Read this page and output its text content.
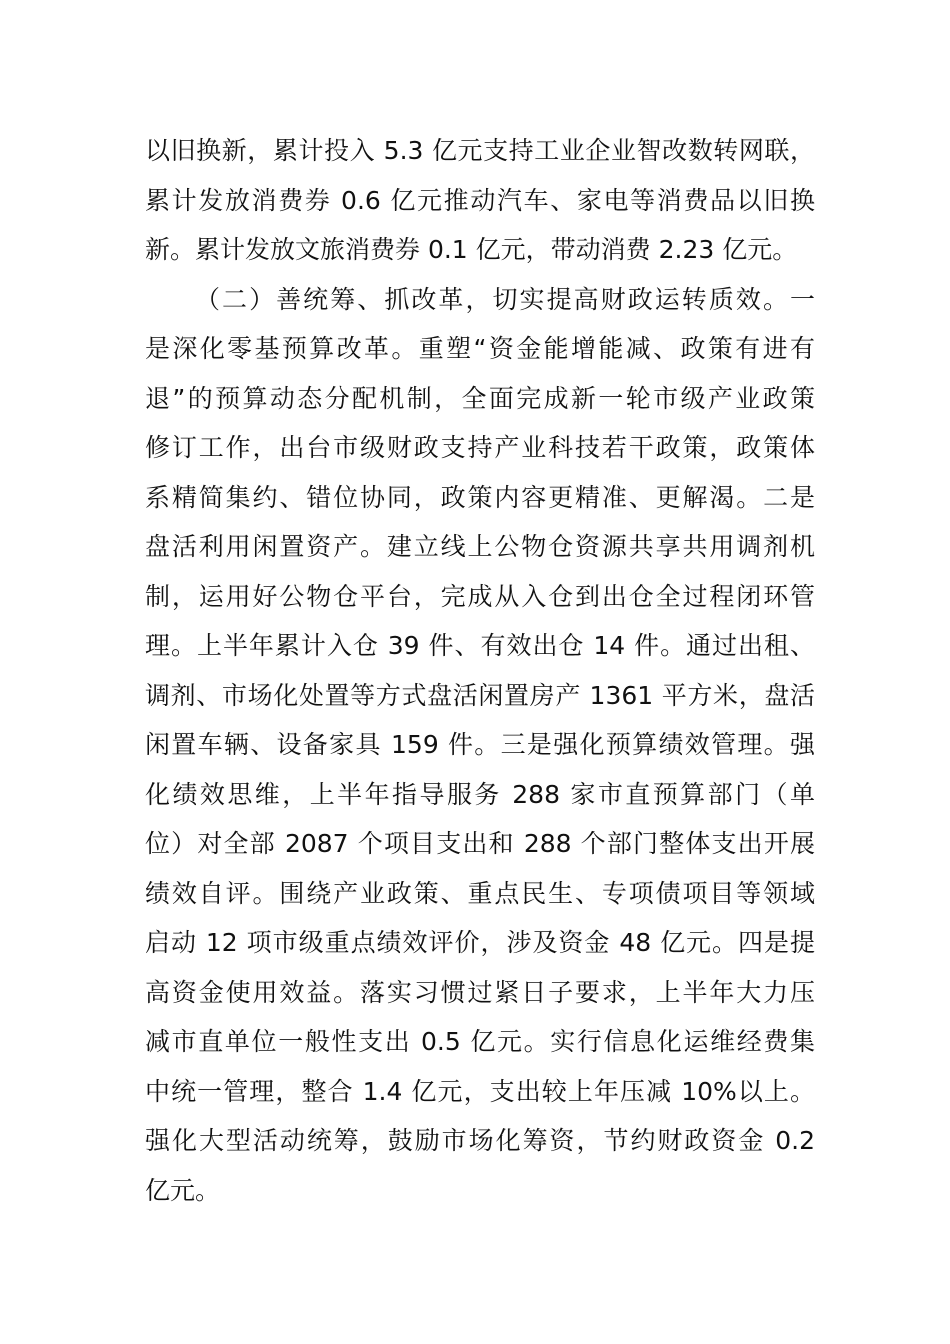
以旧换新，累计投入 5.3 亿元支持工业企业智改数转网联，
累计发放消费券 0.6 亿元推动汽车、家电等消费品以旧换
新。累计发放文旅消费券 0.1 亿元，带动消费 2.23 亿元。
（二）善统筹、抓改革，切实提高财政运转质效。一
是深化零基预算改革。重塑“资金能增能减、政策有进有
退”的预算动态分配机制，全面完成新一轮市级产业政策
修订工作，出台市级财政支持产业科技若干政策，政策体
系精简集约、错位协同，政策内容更精准、更解渴。二是
盘活利用闲置资产。建立线上公物仓资源共享共用调剂机
制，运用好公物仓平台，完成从入仓到出仓全过程闭环管
理。上半年累计入仓 39 件、有效出仓 14 件。通过出租、
调剂、市场化处置等方式盘活闲置房产 1361 平方米，盘活
闲置车辆、设备家具 159 件。三是强化预算绩效管理。强
化绩效思维，上半年指导服务 288 家市直预算部门（单
位）对全部 2087 个项目支出和 288 个部门整体支出开展
绩效自评。围绕产业政策、重点民生、专项债项目等领域
启动 12 项市级重点绩效评价，涉及资金 48 亿元。四是提
高资金使用效益。落实习惯过紧日子要求，上半年大力压
减市直单位一般性支出 0.5 亿元。实行信息化运维经费集
中统一管理，整合 1.4 亿元，支出较上年压减 10%以上。
强化大型活动统筹，鼓励市场化筹资，节约财政资金 0.2
亿元。
